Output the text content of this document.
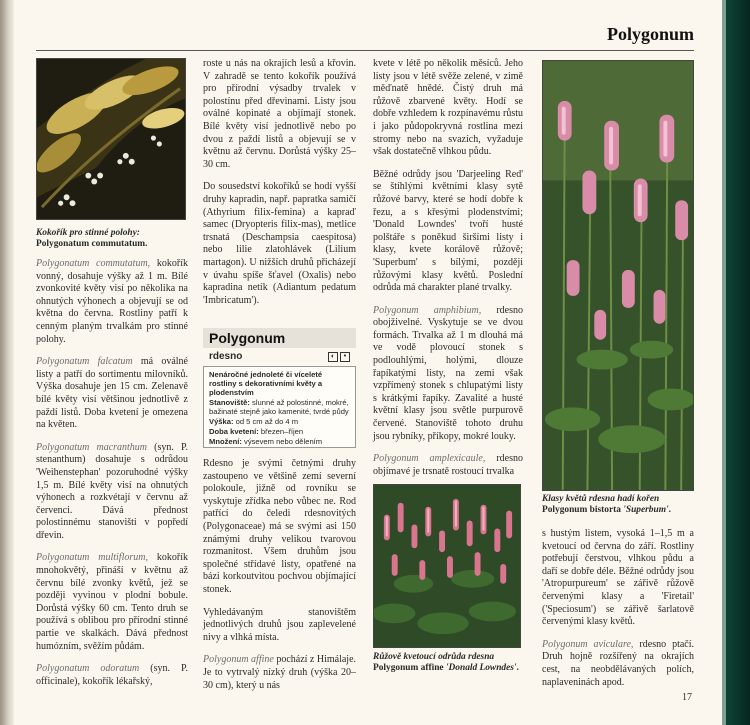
Polygonum
Kokořík pro stinné polohy:
Polygonatum commutatum.

Polygonatum commutatum, kokořík vonný, dosahuje výšky až 1 m. Bílé zvonkovité květy visí po několika na ohnutých výhonech a objevují se od května do června. Rostliny patří k cenným planým trvalkám pro stinné polohy.

Polygonatum falcatum má oválné listy a patří do sortimentu milovníků. Výška dosahuje jen 15 cm. Zelenavě bílé květy visí většinou jednotlivě z paždí listů. Doba kvetení je omezena na květen.

Polygonatum macranthum (syn. P. stenanthum) dosahuje s odrůdou 'Weihenstephan' pozoruhodné výšky 1,5 m. Bílé květy visí na ohnutých výhonech a rozkvétají v červnu až červenci. Dává přednost polostinnému stanovišti v popředí dřevin.

Polygonatum multiflorum, kokořík mnohokvětý, přináší v květnu až červnu bílé zvonky květů, jež se později vyvinou v plodní bobule. Dorůstá výšky 60 cm. Tento druh se používá s oblibou pro přírodní stinné partie ve skalkách. Dává přednost humózním, svěžím půdám.

Polygonatum odoratum (syn. P. officinale), kokořík lékařský,

roste u nás na okrajích lesů a křovin. V zahradě se tento kokořík používá pro přírodní výsadby trvalek v polostínu před dřevinami. Listy jsou oválné kopinaté a objímají stonek. Bílé květy visí jednotlivě nebo po dvou z paždí listů a objevují se v květnu až červnu. Dorůstá výšky 25–30 cm.

Do sousedství kokoříků se hodí vyšší druhy kapradin, např. papratka samičí (Athyrium filix-femina) a kapraď samec (Dryopteris filix-mas), metlice trsnatá (Deschampsia caespitosa) nebo lilie zlatohlávek (Lilium martagon). U nižších druhů přicházejí v úvahu spíše šťavel (Oxalis) nebo kapradina netík (Adiantum pedatum 'Imbricatum').

Polygonum
rdesno	◐	•
Nenáročné jednoleté či víceleté rostliny s dekorativními květy a plodenstvím
Stanoviště: slunné až polostinné, mokré, bažinaté stejně jako kamenité, tvrdé půdy
Výška: od 5 cm až do 4 m
Doba kvetení: březen–říjen
Množení: výsevem nebo dělením

Rdesno je svými četnými druhy zastoupeno ve většině zemí severní polokoule, jižně od rovníku se vyskytuje zřídka nebo vůbec ne. Rod patřící do čeledi rdesnovitých (Polygonaceae) má se svými asi 150 známými druhy velikou tvarovou rozmanitost. Všem druhům jsou společné střídavé listy, opatřené na bázi korkoutvitou pochvou objímající stonek.

Vyhledávaným stanovištěm jednotlivých druhů jsou zaplevelené nivy a vlhká místa.

Polygonum affine pochází z Himálaje. Je to vytrvalý nízký druh (výška 20–30 cm), který u nás

kvete v létě po několik měsíců. Jeho listy jsou v létě svěže zelené, v zimě měďnatě hnědé. Čistý druh má růžově zbarvené květy. Hodí se dobře vzhledem k rozpínavému růstu i jako půdopokryvná rostlina mezi stromy nebo na svazích, vyžaduje však dostatečně vlhkou půdu.

Běžné odrůdy jsou 'Darjeeling Red' se štíhlými květními klasy sytě růžové barvy, které se hodí dobře k řezu, a s křesými plodenstvími; 'Donald Lowndes' tvoří husté polštáře s poněkud širšími listy i klasy, kvete korálově růžově; 'Superbum' s bílými, později růžovými klasy květů. Poslední odrůda má charakter plané trvalky.

Polygonum amphibium, rdesno obojživelné. Vyskytuje se ve dvou formách. Trvalka až 1 m dlouhá má ve vodě plovoucí stonek s podlouhlými, holými, dlouze řapíkatými listy, na zemi však vzpřímený stonek s chlupatými listy s krátkými řapíky. Zavalité a husté květní klasy jsou světle purpurově červené. Stanoviště tohoto druhu jsou rybníky, příkopy, mokré louky.

Polygonum amplexicaule, rdesno objímavé je trsnatě rostoucí trvalka

Růžově kvetoucí odrůda rdesna
Polygonum affine 'Donald Lowndes'.
Klasy květů rdesna hadí kořen
Polygonum bistorta 'Superbum'.

s hustým listem, vysoká 1–1,5 m a kvetoucí od června do září. Rostliny potřebují čerstvou, vlhkou půdu a daří se dobře déle. Běžné odrůdy jsou 'Atropurpureum' se zářivě růžově červenými klasy a 'Firetail' ('Speciosum') se zářivě šarlatově červenými klasy květů.

Polygonum aviculare, rdesno ptačí. Druh hojně rozšířený na okrajích cest, na neobdělávaných polích, naplaveninách apod.

17
